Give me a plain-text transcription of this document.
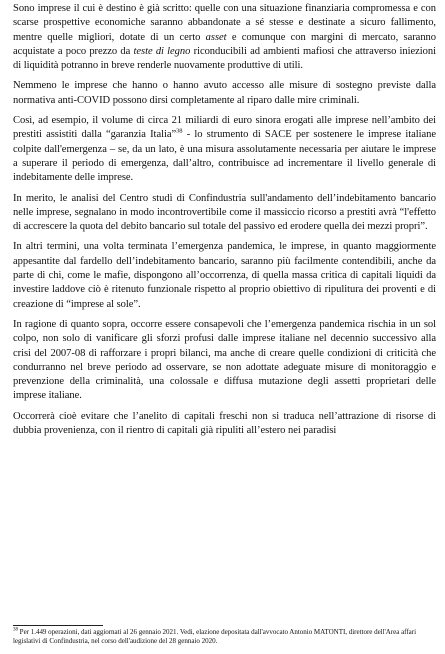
Sono imprese il cui è destino è già scritto: quelle con una situazione finanziaria compromessa e con scarse prospettive economiche saranno abbandonate a sé stesse e destinate a sicuro fallimento, mentre quelle migliori, dotate di un certo asset e comunque con margini di mercato, saranno acquistate a poco prezzo da teste di legno riconducibili ad ambienti mafiosi che attraverso iniezioni di liquidità potranno in breve renderle nuovamente produttive di utili.

Nemmeno le imprese che hanno o hanno avuto accesso alle misure di sostegno previste dalla normativa anti-COVID possono dirsi completamente al riparo dalle mire criminali.

Così, ad esempio, il volume di circa 21 miliardi di euro sinora erogati alle imprese nell’ambito dei prestiti assistiti dalla “garanzia Italia”$^{38}$ - lo strumento di SACE per sostenere le imprese italiane colpite dall'emergenza – se, da un lato, è una misura assolutamente necessaria per aiutare le imprese a superare il periodo di emergenza, dall’altro, contribuisce ad incrementare il livello generale di indebitamente delle imprese.

In merito, le analisi del Centro studi di Confindustria sull'andamento dell’indebitamento bancario nelle imprese, segnalano in modo incontrovertibile come il massiccio ricorso a prestiti avrà “l'effetto di accrescere la quota del debito bancario sul totale del passivo ed erodere quella dei mezzi propri”.

In altri termini, una volta terminata l’emergenza pandemica, le imprese, in quanto maggiormente appesantite dal fardello dell’indebitamento bancario, saranno più facilmente contendibili, anche da parte di chi, come le mafie, dispongono all’occorrenza, di quella massa critica di capitali liquidi da investire laddove ciò è ritenuto funzionale rispetto al proprio obiettivo di ripulitura dei proventi e di creazione di “imprese al sole”.

In ragione di quanto sopra, occorre essere consapevoli che l’emergenza pandemica rischia in un sol colpo, non solo di vanificare gli sforzi profusi dalle imprese italiane nel decennio successivo alla crisi del 2007-08 di rafforzare i propri bilanci, ma anche di creare quelle condizioni di criticità che condurranno nel breve periodo ad osservare, se non adottate adeguate misure di monitoraggio e prevenzione della criminalità, una colossale e diffusa mutazione degli assetti proprietari delle imprese italiane.

Occorrerà cioè evitare che l’anelito di capitali freschi non si traduca nell’attrazione di risorse di dubbia provenienza, con il rientro di capitali già ripuliti all’estero nei paradisi

$^{38}$ Per 1.449 operazioni, dati aggiornati al 26 gennaio 2021. Vedi, elazione depositata dall'avvocato Antonio MATONTI, direttore dell'Area affari legislativi di Confindustria, nel corso dell'audizione del 28 gennaio 2020.
